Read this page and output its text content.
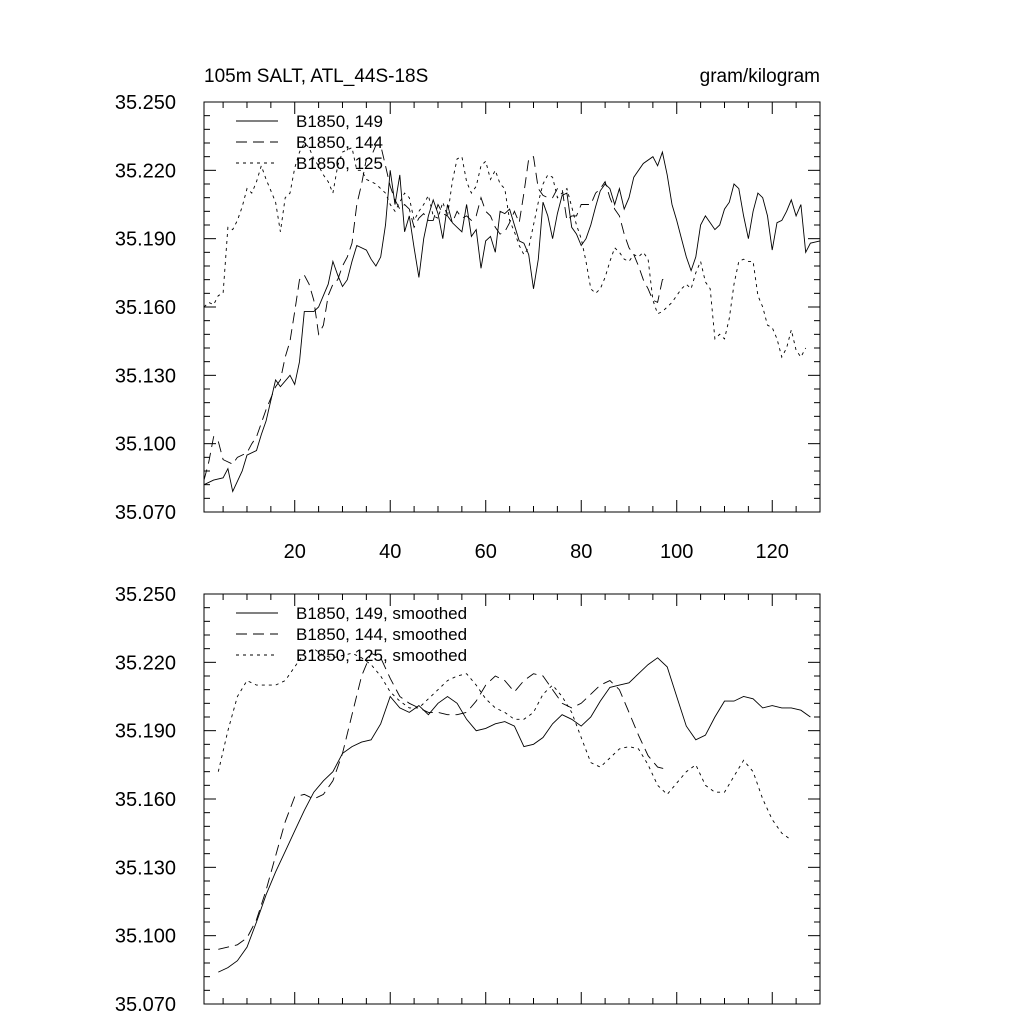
105m SALT, ATL_44S-18S	gram/kilogram
35.070
35.100
35.130
35.160
35.190
35.220
35.250
20	40	60	80	100	120
B1850, 149
B1850, 144
B1850, 125
35.070
35.100
35.130
35.160
35.190
35.220
35.250
B1850, 149, smoothed
B1850, 144, smoothed
B1850, 125, smoothed
